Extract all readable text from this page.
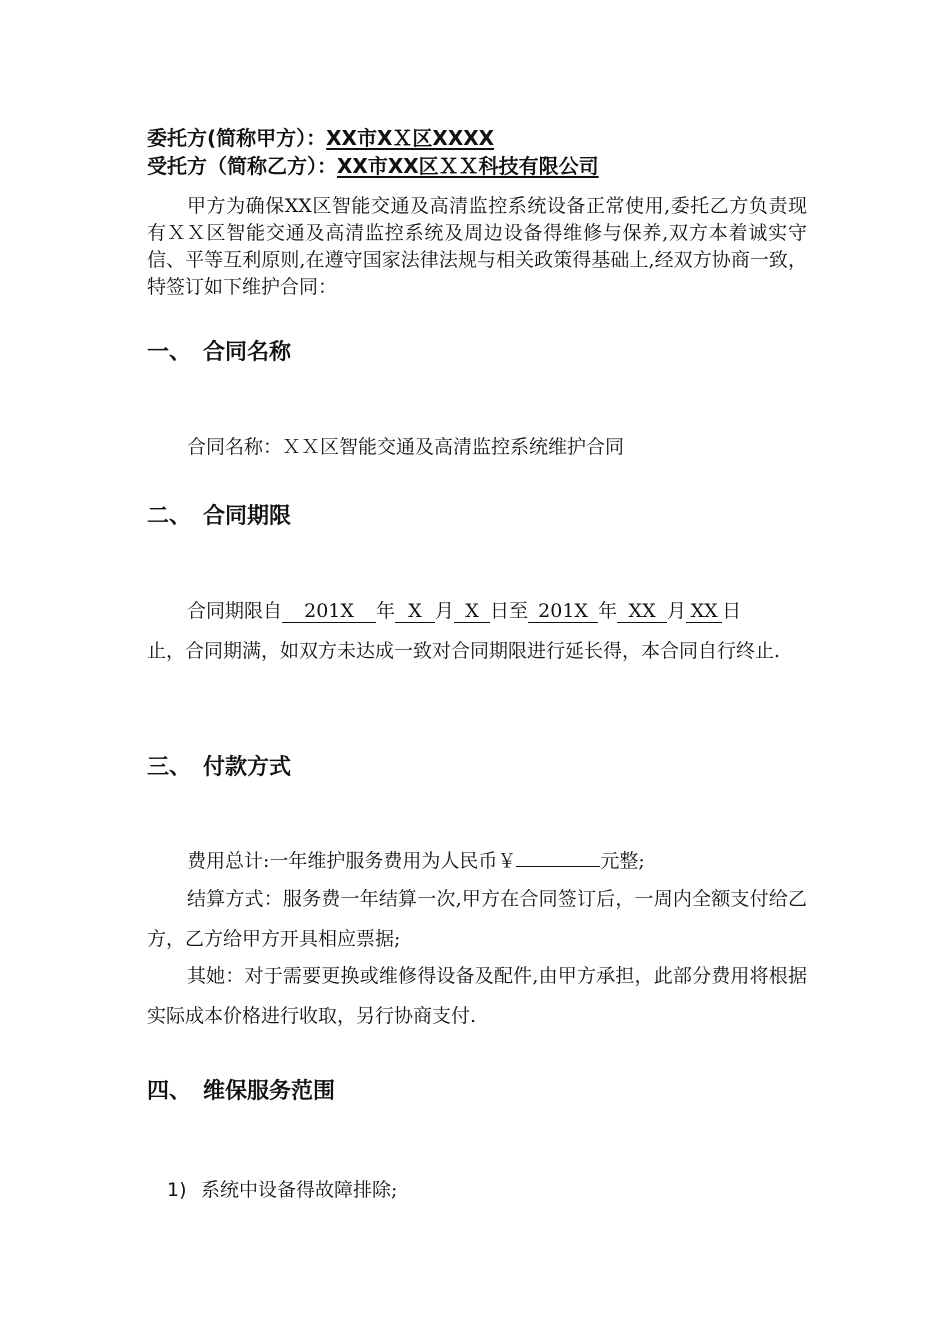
委托方(简称甲方）：XX市XＸ区XXXX
受托方（简称乙方）：XX市XX区ＸＸ科技有限公司
甲方为确保XX区智能交通及高清监控系统设备正常使用,委托乙方负责现有ＸＸ区智能交通及高清监控系统及周边设备得维修与保养,双方本着诚实守信、平等互利原则,在遵守国家法律法规与相关政策得基础上,经双方协商一致，特签订如下维护合同：
一、 合同名称
合同名称：ＸＸ区智能交通及高清监控系统维护合同
二、 合同期限
合同期限自 201X 年 X 月 X 日至 201X 年 XX 月 XX 日
止，合同期满，如双方未达成一致对合同期限进行延长得，本合同自行终止.
三、 付款方式
费用总计:一年维护服务费用为人民币￥	元整;
结算方式：服务费一年结算一次,甲方在合同签订后，一周内全额支付给乙方，乙方给甲方开具相应票据;
其她：对于需要更换或维修得设备及配件,由甲方承担，此部分费用将根据实际成本价格进行收取，另行协商支付.
四、 维保服务范围
1) 系统中设备得故障排除;
